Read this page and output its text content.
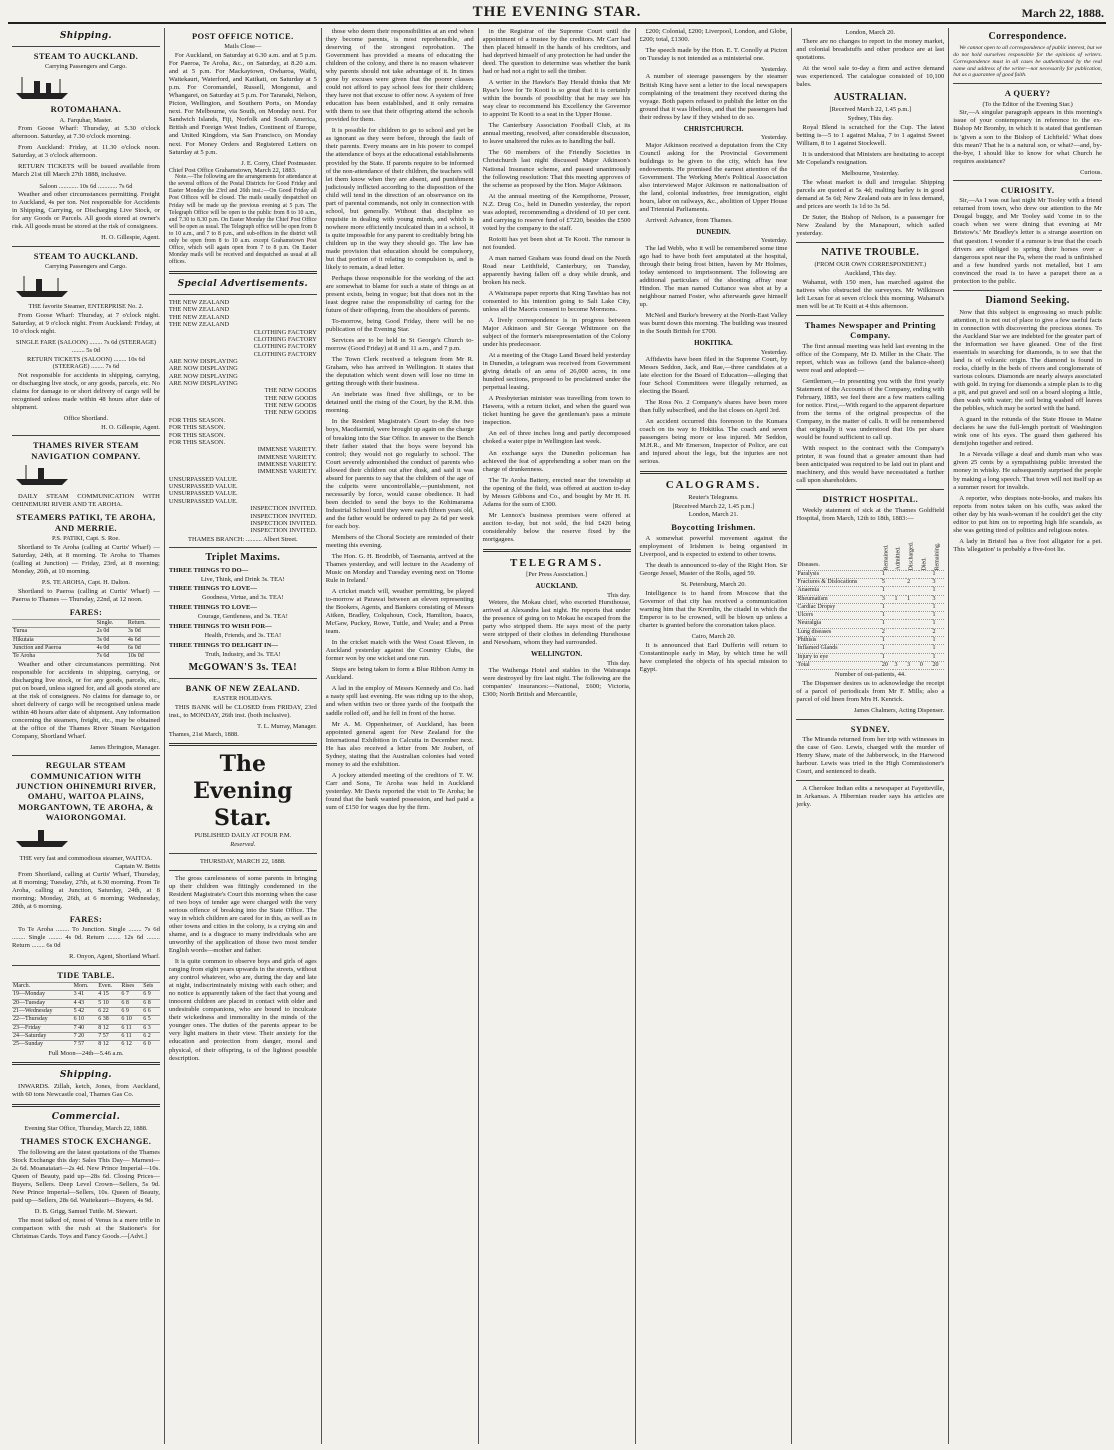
THE EVENING STAR.	March 22, 1888.
Shipping.
STEAM TO AUCKLAND.
Carrying Passengers and Cargo.
ROTOMAHANA.
A. Farquhar, Master.

From Goose Wharf: Thursday, at 5.30 o'clock afternoon. Saturday, at 7.30 o'clock morning.

From Auckland: Friday, at 11.30 o'clock noon. Saturday, at 3 o'clock afternoon.

RETURN TICKETS will be issued available from March 21st till March 27th 1888, inclusive.

Saloon ............ 10s 6d ............ 7s 6d

Weather and other circumstances permitting. Freight to Auckland, 4s per ton. Not responsible for Accidents in Shipping, Carrying, or Discharging Live Stock, or for any Goods or Parcels. All goods stored at owner's risk. All goods must be stored at the risk of consignees.

H. O. Gillespie, Agent.
STEAM TO AUCKLAND.
Carrying Passengers and Cargo.
THE favorite Steamer, ENTERPRISE No. 2.

From Goose Wharf: Thursday, at 7 o'clock night. Saturday, at 9 o'clock night. From Auckland: Friday, at 10 o'clock night.

SINGLE FARE (SALOON) ........ 7s 6d (STEERAGE) ........ 5s 0d
RETURN TICKETS (SALOON) ........ 10s 6d (STEERAGE) ........ 7s 6d

Not responsible for accidents in shipping, carrying, or discharging live stock, or any goods, parcels, etc. No claims for damage to or short delivery of cargo will be recognised unless made within 48 hours after date of shipment.

Office Shortland.
H. O. Gillespie, Agent.
THAMES RIVER STEAM NAVIGATION COMPANY.

DAILY STEAM COMMUNICATION WITH OHINEMURI RIVER AND TE AROHA.

STEAMERS PATIKI, TE AROHA, AND MERRIE.
P.S. PATIKI, Capt. S. Roe.

Shortland to Te Aroha (calling at Curtis' Wharf) — Saturday, 24th, at 8 morning. Te Aroha to Thames (calling at Junction) — Friday, 23rd, at 8 morning; Monday, 26th, at 10 morning.

P.S. TE AROHA, Capt. H. Dalton.

Shortland to Paeroa (calling at Curtis' Wharf) — Paeroa to Thames — Thursday, 22nd, at 12 noon.

FARES:
	Single.	Return.
Turua	2s 0d	3s 0d
Hikutaia	3s 0d	4s 6d
Junction and Paeroa	4s 0d	6s 0d
Te Aroha	7s 6d	10s 0d

Weather and other circumstances permitting. Not responsible for accidents in shipping, carrying, or discharging live stock, or for any goods, parcels, etc., put on board, unless signed for, and all goods stored are at the risk of consignees. No claims for damage to, or short delivery of cargo will be recognised unless made within 48 hours after date of shipment. Any information concerning the steamers, freight, etc., may be obtained at the office of the Thames River Steam Navigation Company, Shortland Wharf.

James Ebrington, Manager.
REGULAR STEAM COMMUNICATION WITH JUNCTION OHINEMURI RIVER, OMAHU, WAITOA PLAINS, MORGANTOWN, TE AROHA, & WAIORONGOMAI.
THE very fast and commodious steamer, WAITOA.
Captain W. Bettis

From Shortland, calling at Curtis' Wharf, Thursday, at 8 morning; Tuesday, 27th, at 6.30 morning. From Te Aroha, calling at Junction, Saturday, 24th, at 8 morning; Monday, 26th, at 6 morning; Wednesday, 28th, at 6 morning.

FARES:

To Te Aroha ........ To Junction. Single ........ 7s 6d ........ Single ........ 4s 0d. Return ........ 12s 6d ........ Return ........ 6s 0d

R. Onyon, Agent, Shortland Wharf.
TIDE TABLE.
March.	Morn.	Even.	Rises	Sets
19—Monday	3 41	4 15	6 7	6 9
20—Tuesday	4 43	5 10	6 8	6 8
21—Wednesday	5 42	6 22	6 9	6 6
22—Thursday	6 10	6 38	6 10	6 5
23—Friday	7 40	8 12	6 11	6 3
24—Saturday	7 20	7 57	6 11	6 2
25—Sunday	7 57	8 12	6 12	6 0
Full Moon—24th—5.46 a.m.
Shipping.

INWARDS. Zillah, ketch, Jones, from Auckland, with 60 tons Newcastle coal, Thames Gas Co.

Commercial.
Evening Star Office, Thursday, March 22, 1888.
THAMES STOCK EXCHANGE.

The following are the latest quotations of the Thames Stock Exchange this day: Sales This Day— Marnest—2s 6d. Moanataiari—2s 4d. New Prince Imperial—10s. Queen of Beauty, paid up—28s 6d. Closing Prices— Buyers, Sellers. Deep Level Crown—Sellers, 5s 9d. New Prince Imperial—Sellers, 10s. Queen of Beauty, paid up—Sellers, 28s 6d. Waitekauri—Buyers, 4s 9d.

D. B. Grigg, Samuel Tuttle. M. Stewart.

The most talked of, most of Venus is a mere trifle in comparison with the rush at the Stationer's for Christmas Cards. Toys and Fancy Goods.—[Advt.]

POST OFFICE NOTICE.
Mails Close—

For Auckland, on Saturday at 6.30 a.m. and at 5 p.m. For Paeroa, Te Aroha, &c., on Saturday, at 8.20 a.m. and at 5 p.m. For Mackaytown, Owharoa, Waihi, Waitekauri, Waterford, and Katikati, on Saturday at 5 p.m. For Coromandel, Russell, Mongonui, and Whangarei, on Saturday at 5 p.m. For Taranaki, Nelson, Picton, Wellington, and Southern Ports, on Monday next. For Melbourne, via South, on Monday next. For Sandwich Islands, Fiji, Norfolk and South America, British and Foreign West Indies, Continent of Europe, and United Kingdom, via San Francisco, on Monday next. For Money Orders and Registered Letters on Saturday at 5 p.m.

J. E. Corry, Chief Postmaster.
Chief Post Office Grahamstown, March 22, 1883.

Note.—The following are the arrangements for attendance at the several offices of the Postal Districts for Good Friday and Easter Monday the 23rd and 26th inst.:—On Good Friday all Post Offices will be closed. The mails usually despatched on Friday will be made up the previous evening at 5 p.m. The Telegraph Office will be open to the public from 8 to 10 a.m., and 7.30 to 8.30 p.m. On Easter Monday the Chief Post Office will be open as usual. The Telegraph office will be open from 8 to 10 a.m., and 7 to 8 p.m., and sub-offices in the district will only be open from 8 to 10 a.m. except Grahamstown Post Office, which will again open from 7 to 8 p.m. On Easter Monday mails will be received and despatched as usual at all offices.

Special Advertisements.
THE NEW ZEALAND
THE NEW ZEALAND
THE NEW ZEALAND
THE NEW ZEALAND
CLOTHING FACTORY
CLOTHING FACTORY
CLOTHING FACTORY
CLOTHING FACTORY
ARE NOW DISPLAYING
ARE NOW DISPLAYING
ARE NOW DISPLAYING
ARE NOW DISPLAYING
THE NEW GOODS
THE NEW GOODS
THE NEW GOODS
THE NEW GOODS
FOR THIS SEASON.
FOR THIS SEASON.
FOR THIS SEASON.
FOR THIS SEASON.
IMMENSE VARIETY.
IMMENSE VARIETY.
IMMENSE VARIETY.
IMMENSE VARIETY.
UNSURPASSED VALUE.
UNSURPASSED VALUE.
UNSURPASSED VALUE.
UNSURPASSED VALUE.
INSPECTION INVITED.
INSPECTION INVITED.
INSPECTION INVITED.
INSPECTION INVITED.
THAMES BRANCH: .......... Albert Street.
Triplet Maxims.
THREE THINGS TO DO—
Live, Think, and Drink 3s. TEA!
THREE THINGS TO LOVE—
Goodness, Virtue, and 3s. TEA!
THREE THINGS TO LOVE—
Courage, Gentleness, and 3s. TEA!
THREE THINGS TO WISH FOR—
Health, Friends, and 3s. TEA!
THREE THINGS TO DELIGHT IN—
Truth, Industry, and 3s. TEA!
McGOWAN'S 3s. TEA!
BANK OF NEW ZEALAND.
EASTER HOLIDAYS.

THIS BANK will be CLOSED from FRIDAY, 23rd inst., to MONDAY, 26th inst. (both inclusive).

T. L. Murray, Manager.
Thames, 21st March, 1888.
The Evening Star.
PUBLISHED DAILY AT FOUR P.M.
Reserved.
THURSDAY, MARCH 22, 1888.

The gross carelessness of some parents in bringing up their children was fittingly condemned in the Resident Magistrate's Court this morning when the case of two boys of tender age were charged with the very serious offence of breaking into the State Office. The way in which children are cared for in this, as well as in other towns and cities in the colony, is a crying sin and shame, and is a disgrace to many individuals who are unworthy of the application of those two most tender English words—mother and father.

It is quite common to observe boys and girls of ages ranging from eight years upwards in the streets, without any control whatever, who are, during the day and late at night, indiscriminately mixing with each other; and no notice is apparently taken of the fact that young and innocent children are placed in contact with older and undesirable companions, who are bound to inculcate their wickedness and immorality in the minds of the younger ones. The duties of the parents appear to be very light matters in their view. Their anxiety for the education and protection from danger, moral and physical, of their offspring, is of the lightest possible description.

those who deem their responsibilities at an end when they become parents, is most reprehensible, and deserving of the strongest reprobation. The Government has provided a means of educating the children of the colony, and there is no reason whatever why parents should not take advantage of it. In times gone by excuses were given that the poorer classes could not afford to pay school fees for their children; they have not that excuse to offer now. A system of free education has been established, and it only remains with them to see that their offspring attend the schools provided for them.

It is possible for children to go to school and yet be as ignorant as they were before, through the fault of their parents. Every means are in his power to compel the attendance of boys at the educational establishments provided by the State. If parents require to be informed of the non-attendance of their children, the teachers will let them know when they are absent, and punishment judiciously inflicted according to the disposition of the child will tend in the direction of an observance on its part of parental commands, not only in connection with school, but generally. Without that discipline so requisite in dealing with young minds, and which is nowhere more efficiently inculcated than in a school, it is quite impossible for any parent to creditably bring his children up in the way they should go. The law has made provision that education should be compulsory, but that portion of it relating to compulsion is, and is likely to remain, a dead letter.

Perhaps those responsible for the working of the act are somewhat to blame for such a state of things as at present exists, being in vogue; but that does not in the least degree raise the responsibility of caring for the future of their offspring, from the shoulders of parents.

To-morrow, being Good Friday, there will be no publication of the Evening Star.

Services are to be held in St George's Church to-morrow (Good Friday) at 8 and 11 a.m., and 7 p.m.

The Town Clerk received a telegram from Mr R. Graham, who has arrived in Wellington. It states that the deputation which went down will lose no time in getting through with their business.

An inebriate was fined five shillings, or to be detained until the rising of the Court, by the R.M. this morning.

In the Resident Magistrate's Court to-day the two boys, Macdiarmid, were brought up again on the charge of breaking into the Star Office. In answer to the Bench their father stated that the boys were beyond his control; they would not go regularly to school. The Court severely admonished the conduct of parents who allowed their children out after dusk, and said it was absurd for parents to say that the children of the age of the culprits were uncontrollable,—punishment, not necessarily by force, would cause obedience. It had been decided to send the boys to the Kohimarama Industrial School until they were each fifteen years old, and the father would be ordered to pay 2s 6d per week for each boy.

Members of the Choral Society are reminded of their meeting this evening.

The Hon. G. H. Brodribb, of Tasmania, arrived at the Thames yesterday, and will lecture in the Academy of Music on Monday and Tuesday evening next on 'Home Rule in Ireland.'

A cricket match will, weather permitting, be played to-morrow at Parawai between an eleven representing the Bookers, Agents, and Bankers consisting of Messrs Aitken, Bradley, Colquhoun, Cock, Hamilton, Isaacs, McGaw, Puckey, Rowe, Tuttle, and Veale; and a Press team.

In the cricket match with the West Coast Eleven, in Auckland yesterday against the Country Clubs, the former won by one wicket and one run.

Steps are being taken to form a Blue Ribbon Army in Auckland.

A lad in the employ of Messrs Kennedy and Co. had a nasty spill last evening. He was riding up to the shop, and when within two or three yards of the footpath the saddle rolled off, and he fell in front of the horse.

Mr A. M. Oppenheimer, of Auckland, has been appointed general agent for New Zealand for the International Exhibition in Calcutta in December next. He has also received a letter from Mr Joubert, of Sydney, stating that the Australian colonies had voted money to aid the exhibition.

A jockey attended meeting of the creditors of T. W. Carr and Sons, Te Aroha was held in Auckland yesterday. Mr Davis reported the visit to Te Aroha; he found that the bank wanted possession, and had paid a sum of £150 for wages due by the firm.

in the Registrar of the Supreme Court until the appointment of a trustee by the creditors. Mr Carr had then placed himself in the hands of his creditors, and had deprived himself of any protection he had under the deed. The question to determine was whether the bank had or had not a right to sell the timber.

A writer in the Hawke's Bay Herald thinks that Mr Ryse's love for Te Kooti is so great that it is certainly within the bounds of possibility that he may see his way clear to recommend his Excellency the Governor to appoint Te Kooti to a seat in the Upper House.

The Canterbury Association Football Club, at its annual meeting, resolved, after considerable discussion, to leave unaltered the rules as to handling the ball.

The 60 members of the Friendly Societies in Christchurch last night discussed Major Atkinson's National Insurance scheme, and passed unanimously the following resolution: That this meeting approves of the scheme as proposed by the Hon. Major Atkinson.

At the annual meeting of the Kempthorne, Prosser, N.Z. Drug Co., held in Dunedin yesterday, the report was adopted, recommending a dividend of 10 per cent. and carrying to reserve fund of £7220, besides the £500 voted by the company to the staff.

Rotoiti has yet been shot at Te Kooti. The rumour is not founded.

A man named Graham was found dead on the North Road near Leithfield, Canterbury, on Tuesday, apparently having fallen off a dray while drunk, and broken his neck.

A Wairarapa paper reports that King Tawhiao has not consented to his intention going to Salt Lake City, unless all the Maoris consent to become Mormons.

A lively correspondence is in progress between Major Atkinson and Sir George Whitmore on the subject of the former's misrepresentation of the Colony under his predecessor.

At a meeting of the Otago Land Board held yesterday in Dunedin, a telegram was received from Government giving details of an area of 26,000 acres, in one hundred sections, proposed to be proclaimed under the perpetual leasing.

A Presbyterian minister was travelling from town to Hawera, with a return ticket, and when the guard was ticket hunting he gave the gentleman's pass a minute inspection.

An eel of three inches long and partly decomposed choked a water pipe in Wellington last week.

An exchange says the Dunedin policeman has achieved the feat of apprehending a sober man on the charge of drunkenness.

The Te Aroha Battery, erected near the township at the opening of the field, was offered at auction to-day by Messrs Gibbons and Co., and bought by Mr H. H. Adams for the sum of £300.

Mr Lennox's business premises were offered at auction to-day, but not sold, the bid £420 being considerably below the reserve fixed by the mortgagees.

TELEGRAMS.
[Per Press Association.]
AUCKLAND.
This day.

Wetere, the Mokau chief, who escorted Hursthouse, arrived at Alexandra last night. He reports that under the presence of going on to Mokau he escaped from the party who stripped them. He says most of the party were stripped of their clothes in defending Hursthouse and Newsham, whom they had surrounded.

WELLINGTON.
This day.

The Waihenga Hotel and stables in the Wairarapa were destroyed by fire last night. The following are the companies' insurances:—National, £600; Victoria, £300; North British and Mercantile,

£200; Colonial, £200; Liverpool, London, and Globe, £200; total, £1300.

The speech made by the Hon. E. T. Conolly at Picton on Tuesday is not intended as a ministerial one.

Yesterday.

A number of steerage passengers by the steamer British King have sent a letter to the local newspapers complaining of the treatment they received during the voyage. Both papers refused to publish the letter on the ground that it was libellous, and that the passengers had their redress by law if they wished to do so.

CHRISTCHURCH.
Yesterday.

Major Atkinson received a deputation from the City Council asking for the Provincial Government buildings to be given to the city, which has few endowments. He promised the earnest attention of the Government. The Working Men's Political Association also interviewed Major Atkinson re nationalisation of the land, colonial industries, free immigration, eight hours, labor on railways, &c., abolition of Upper House and Triennial Parliaments.

Arrived: Advance, from Thames.

DUNEDIN.
Yesterday.

The lad Webb, who it will be remembered some time ago had to have both feet amputated at the hospital, through their being frost bitten, haven by Mr Holmes, today sentenced to imprisonment. The following are additional particulars of the shooting affray near Hindon. The man named Cuttance was shot at by a neighbour named Foster, who afterwards gave himself up.

McNeil and Burke's brewery at the North-East Valley was burnt down this morning. The building was insured in the South British for £700.

HOKITIKA.
Yesterday.

Affidavits have been filed in the Supreme Court, by Messrs Seddon, Jack, and Rae,—three candidates at a late election for the Board of Education—alleging that four School Committees were illegally returned, as electing the Board.

The Ross No. 2 Company's shares have been more than fully subscribed, and the list closes on April 3rd.

An accident occurred this forenoon to the Kumara coach on its way to Hokitika. The coach and seven passengers being more or less injured. Mr Seddon, M.H.R., and Mr Emerson, Inspector of Police, are cut and injured about the legs, but the injuries are not serious.

CALOGRAMS.
Reuter's Telegrams.
[Received March 22, 1.45 p.m.]
London, March 21.
Boycotting Irishmen.

A somewhat powerful movement against the employment of Irishmen is being organised in Liverpool, and is expected to extend to other towns.

The death is announced to-day of the Right Hon. Sir George Jessel, Master of the Rolls, aged 59.

St. Petersburg, March 20.

Intelligence is to hand from Moscow that the Governor of that city has received a communication warning him that the Kremlin, the citadel in which the Emperor is to be crowned, will be blown up unless a charter is granted before the coronation takes place.

Cairo, March 20.

It is announced that Earl Dufferin will return to Constantinople early in May, by which time he will have completed the objects of his special mission to Egypt.

London, March 20.

There are no changes to report in the money market, and colonial breadstuffs and other produce are at last quotations.

At the wool sale to-day a firm and active demand was experienced. The catalogue consisted of 10,100 bales.

AUSTRALIAN.
[Received March 22, 1.45 p.m.]
Sydney, This day.

Royal Blend is scratched for the Cup. The latest betting is—5 to 1 against Malua, 7 to 1 against Sweet William, 8 to 1 against Stockwell.

It is understood that Ministers are hesitating to accept Mr Copeland's resignation.

Melbourne, Yesterday.

The wheat market is dull and irregular. Shipping parcels are quoted at 5s 4d; malting barley is in good demand at 5s 6d; New Zealand oats are in less demand, and prices are worth 1s 1d to 3s 5d.

Dr Suter, the Bishop of Nelson, is a passenger for New Zealand by the Manapouri, which sailed yesterday.

NATIVE TROUBLE.
(FROM OUR OWN CORRESPONDENT.)
Auckland, This day.

Wahanui, with 150 men, has marched against the natives who obstructed the surveyors. Mr Wilkinson left Lexan for at seven o'clock this morning. Wahanui's men will be at Te Kuiti at 4 this afternoon.

Thames Newspaper and Printing Company.

The first annual meeting was held last evening in the office of the Company, Mr D. Miller in the Chair. The report, which was as follows (and the balance-sheet) were read and adopted:—

Gentlemen,—In presenting you with the first yearly Statement of the Accounts of the Company, ending with February, 1883, we feel there are a few matters calling for notice. First,—With regard to the apparent departure from the terms of the original prospectus of the Company, in the matter of calls. It will be remembered that originally it was understood that 10s per share would be found sufficient to call up.

With respect to the contract with the Company's printer, it was found that a greater amount than had been anticipated was required to be laid out in plant and machinery, and this would have necessitated a further call upon shareholders.

DISTRICT HOSPITAL.

Weekly statement of sick at the Thames Goldfield Hospital, from March, 12th to 18th, 1883:—

Diseases.	Remained.	Admitted.	Discharged.	Died.	Remaining.
Paralysis	1				1
Fractures & Dislocations	5		2		3
Anaemia	1				1
Rheumatism	3	1	1		3
Cardiac Dropsy	1				1
Ulcers	1				1
Neuralgia	1				1
Lung diseases	2				2
Phthisis	1				1
Inflamed Glands	1				1
Injury to eye	1				1
Total	20	3	3	0	20
Number of out-patients, 44.

The Dispenser desires us to acknowledge the receipt of a parcel of periodicals from Mr F. Mills; also a parcel of old linen from Mrs H. Kenrick.

James Chalmers, Acting Dispenser.
SYDNEY.

The Miranda returned from her trip with witnesses in the case of Geo. Lewis, charged with the murder of Henry Shaw, mate of the Jabberwock, in the Harwood harbour. Lewis was tried in the High Commissioner's Court, and sentenced to death.

A Cherokee Indian edits a newspaper at Fayetteville, in Arkansas. A Hibernian reader says his articles are jerky.

Correspondence.

We cannot open to all correspondence of public interest, but we do not hold ourselves responsible for the opinions of writers. Correspondence must in all cases be authenticated by the real name and address of the writer—not necessarily for publication, but as a guarantee of good faith.

A QUERY?
(To the Editor of the Evening Star.)

Sir,—A singular paragraph appears in this morning's issue of your contemporary in reference to the ex-Bishop Mr Bromby, in which it is stated that gentleman is 'given a son to the Bishop of Lichfield.' What does this mean? That he is a natural son, or what?—and, by-the-bye, I should like to know for what Church he requires assistance?

Curious.
CURIOSITY.

Sir,—As I was out last night Mr Tooley with a friend returned from town, who drew our attention to the Mr Dougal buggy, and Mr Tooley said 'come in to the coach when we were dining that evening at Mr Bristow's.' Mr Bradley's letter is a strange assertion on that question. I wonder if a rumour is true that the coach drivers are obliged to spring their horses over a dangerous spot near the Pa, where the road is unfinished and a few hundred yards not metalled, but I am convinced the road is to have a parapet there as a protection to the public.

Diamond Seeking.

Now that this subject is engrossing so much public attention, it is not out of place to give a few useful facts in connection with discovering the precious stones. To the Auckland Star we are indebted for the greater part of the information we have gleaned. One of the first essentials in searching for diamonds, is to see that the land is of volcanic origin. The diamond is found in rocks, chiefly in the beds of rivers and conglomerate of various colours. Diamonds are nearly always associated with gold. In trying for diamonds a simple plan is to dig a pit, and put gravel and soil on a board sloping a little, then wash with water; the soil being washed off leaves the pebbles, which may be sorted with the hand.

A guard in the rotunda of the State House in Maine declares he saw the full-length portrait of Washington wink one of his eyes. The guard then gathered his demijohn together and retired.

In a Nevada village a deaf and dumb man who was given 25 cents by a sympathising public invested the money in whisky. He subsequently surprised the people by making a long speech. That town will not itself up as a summer resort for invalids.

A reporter, who despises note-books, and makes his reports from notes taken on his cuffs, was asked the other day by his wash-woman if he couldn't get the city editor to put him on to reporting high life scandals, as she was getting tired of politics and religious notes.

A lady in Bristol has a five foot alligator for a pet. This 'allegation' is probably a five-foot lie.
